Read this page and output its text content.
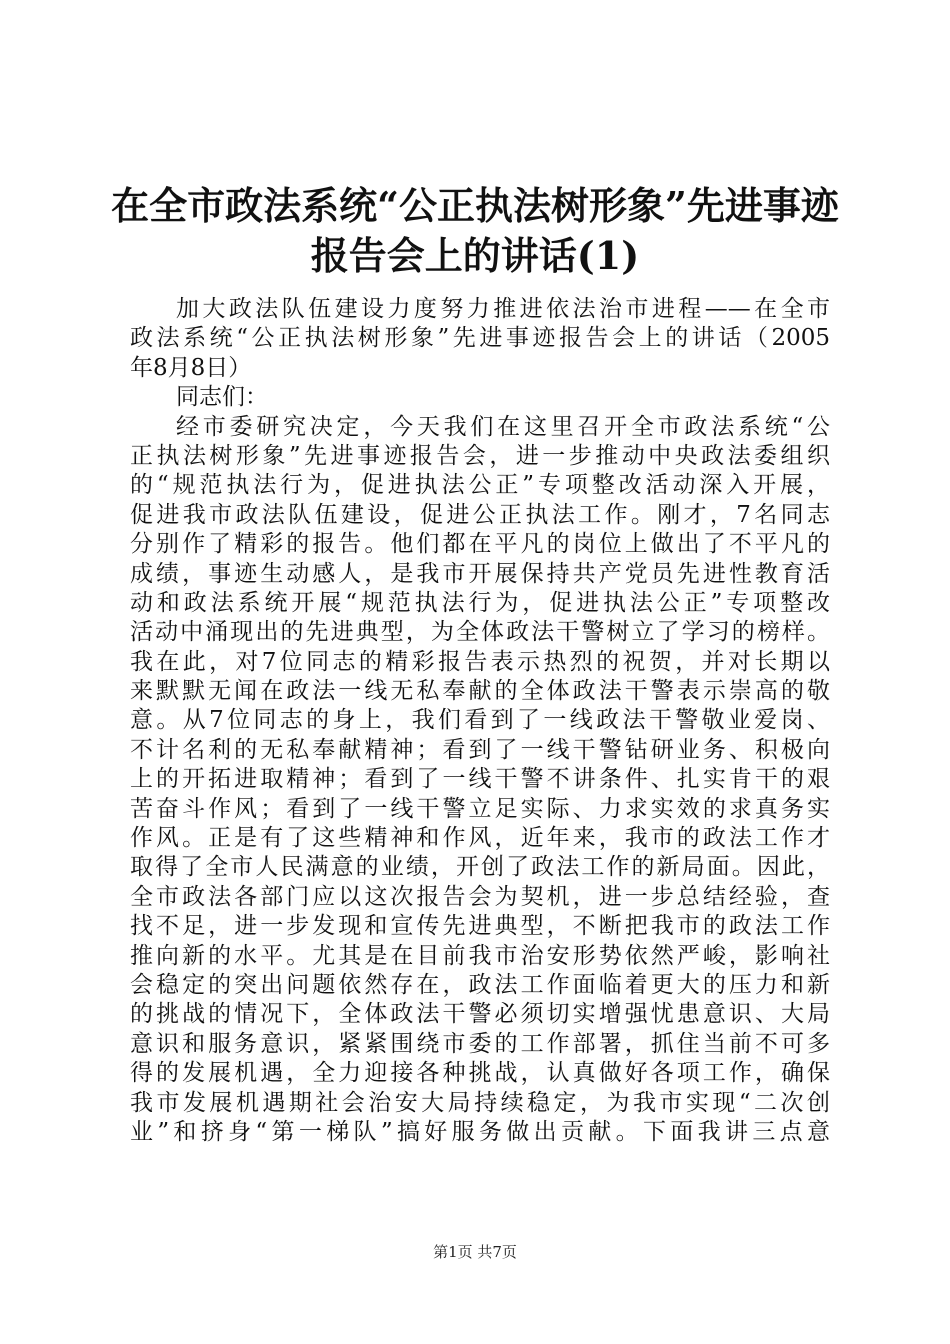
在全市政法系统“公正执法树形象”先进事迹
报告会上的讲话(1)
加大政法队伍建设力度努力推进依法治市进程——在全市
政法系统“公正执法树形象”先进事迹报告会上的讲话（2005
年8月8日）
同志们：
经市委研究决定，今天我们在这里召开全市政法系统“公
正执法树形象”先进事迹报告会，进一步推动中央政法委组织
的“规范执法行为，促进执法公正”专项整改活动深入开展，
促进我市政法队伍建设，促进公正执法工作。刚才，7名同志
分别作了精彩的报告。他们都在平凡的岗位上做出了不平凡的
成绩，事迹生动感人，是我市开展保持共产党员先进性教育活
动和政法系统开展“规范执法行为，促进执法公正”专项整改
活动中涌现出的先进典型，为全体政法干警树立了学习的榜样。
我在此，对7位同志的精彩报告表示热烈的祝贺，并对长期以
来默默无闻在政法一线无私奉献的全体政法干警表示崇高的敬
意。从7位同志的身上，我们看到了一线政法干警敬业爱岗、
不计名利的无私奉献精神；看到了一线干警钻研业务、积极向
上的开拓进取精神；看到了一线干警不讲条件、扎实肯干的艰
苦奋斗作风；看到了一线干警立足实际、力求实效的求真务实
作风。正是有了这些精神和作风，近年来，我市的政法工作才
取得了全市人民满意的业绩，开创了政法工作的新局面。因此，
全市政法各部门应以这次报告会为契机，进一步总结经验，查
找不足，进一步发现和宣传先进典型，不断把我市的政法工作
推向新的水平。尤其是在目前我市治安形势依然严峻，影响社
会稳定的突出问题依然存在，政法工作面临着更大的压力和新
的挑战的情况下，全体政法干警必须切实增强忧患意识、大局
意识和服务意识，紧紧围绕市委的工作部署，抓住当前不可多
得的发展机遇，全力迎接各种挑战，认真做好各项工作，确保
我市发展机遇期社会治安大局持续稳定，为我市实现“二次创
业”和挤身“第一梯队”搞好服务做出贡献。下面我讲三点意
第1页 共7页
